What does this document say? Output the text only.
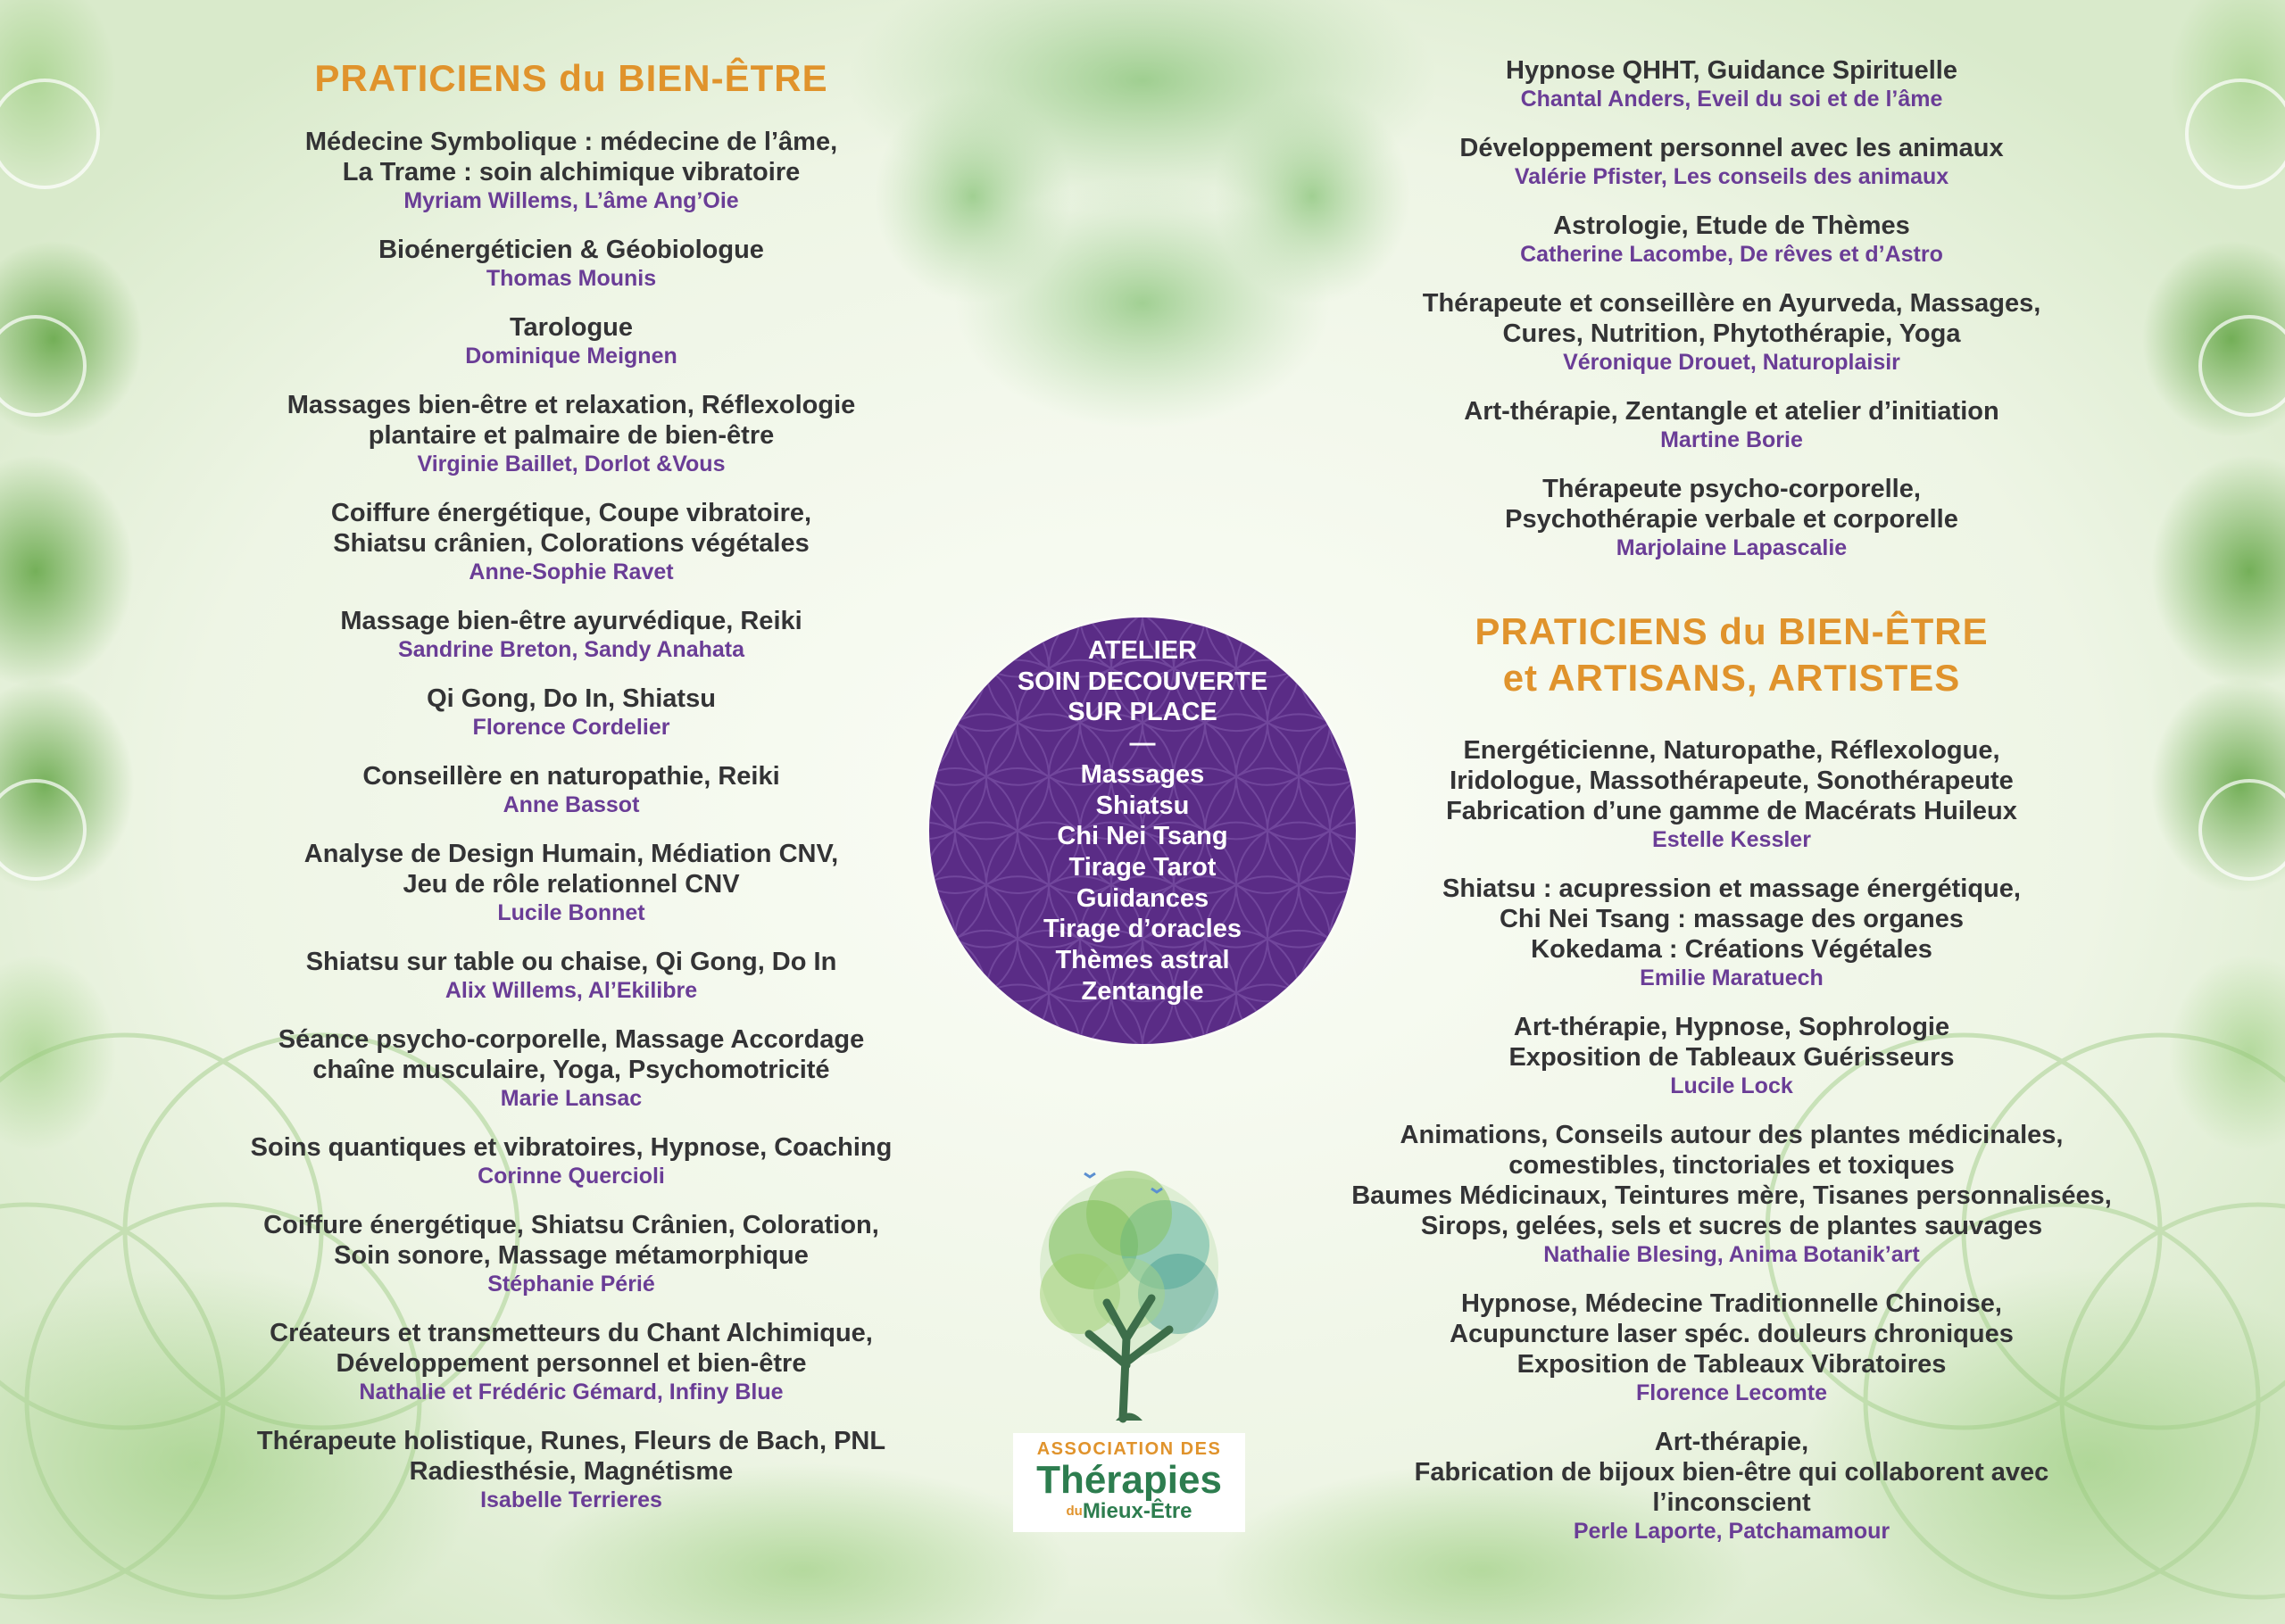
PRATICIENS du BIEN-ÊTRE
Médecine Symbolique : médecine de l’âme,
La Trame : soin alchimique vibratoire
Myriam Willems, L’âme Ang’Oie
Bioénergéticien & Géobiologue
Thomas Mounis
Tarologue
Dominique Meignen
Massages bien-être et relaxation, Réflexologie
plantaire et palmaire de bien-être
Virginie Baillet, Dorlot &Vous
Coiffure énergétique, Coupe vibratoire,
Shiatsu crânien, Colorations végétales
Anne-Sophie Ravet
Massage bien-être ayurvédique, Reiki
Sandrine Breton, Sandy Anahata
Qi Gong, Do In, Shiatsu
Florence Cordelier
Conseillère en naturopathie, Reiki
Anne Bassot
Analyse de Design Humain, Médiation CNV,
Jeu de rôle relationnel CNV
Lucile Bonnet
Shiatsu sur table ou chaise, Qi Gong, Do In
Alix Willems, Al’Ekilibre
Séance psycho-corporelle, Massage Accordage
chaîne musculaire, Yoga, Psychomotricité
Marie Lansac
Soins quantiques et vibratoires, Hypnose, Coaching
Corinne Quercioli
Coiffure énergétique, Shiatsu Crânien, Coloration,
Soin sonore, Massage métamorphique
Stéphanie Périé
Créateurs et transmetteurs du Chant Alchimique,
Développement personnel et bien-être
Nathalie et Frédéric Gémard, Infiny Blue
Thérapeute holistique, Runes, Fleurs de Bach, PNL
Radiesthésie, Magnétisme
Isabelle Terrieres
Hypnose QHHT, Guidance Spirituelle
Chantal Anders, Eveil du soi et de l’âme
Développement personnel avec les animaux
Valérie Pfister, Les conseils des animaux
Astrologie, Etude de Thèmes
Catherine Lacombe, De rêves et d’Astro
Thérapeute et conseillère en Ayurveda, Massages,
Cures, Nutrition, Phytothérapie, Yoga
Véronique Drouet, Naturoplaisir
Art-thérapie, Zentangle et atelier d’initiation
Martine Borie
Thérapeute psycho-corporelle,
Psychothérapie verbale et corporelle
Marjolaine Lapascalie
PRATICIENS du BIEN-ÊTRE
et ARTISANS, ARTISTES
Energéticienne, Naturopathe, Réflexologue,
Iridologue, Massothérapeute, Sonothérapeute
Fabrication d’une gamme de Macérats Huileux
Estelle Kessler
Shiatsu : acupression et massage énergétique,
Chi Nei Tsang : massage des organes
Kokedama : Créations Végétales
Emilie Maratuech
Art-thérapie, Hypnose, Sophrologie
Exposition de Tableaux Guérisseurs
Lucile Lock
Animations, Conseils autour des plantes médicinales,
comestibles, tinctoriales et toxiques
Baumes Médicinaux, Teintures mère, Tisanes personnalisées,
Sirops, gelées, sels et sucres de plantes sauvages
Nathalie Blesing, Anima Botanik’art
Hypnose, Médecine Traditionnelle Chinoise,
Acupuncture laser spéc. douleurs chroniques
Exposition de Tableaux Vibratoires
Florence Lecomte
Art-thérapie,
Fabrication de bijoux bien-être qui collaborent avec
l’inconscient
Perle Laporte, Patchamamour
ATELIER
SOIN DECOUVERTE
SUR PLACE
—
Massages
Shiatsu
Chi Nei Tsang
Tirage Tarot
Guidances
Tirage d’oracles
Thèmes astral
Zentangle
ASSOCIATION DES
Thérapies
duMieux-Être
